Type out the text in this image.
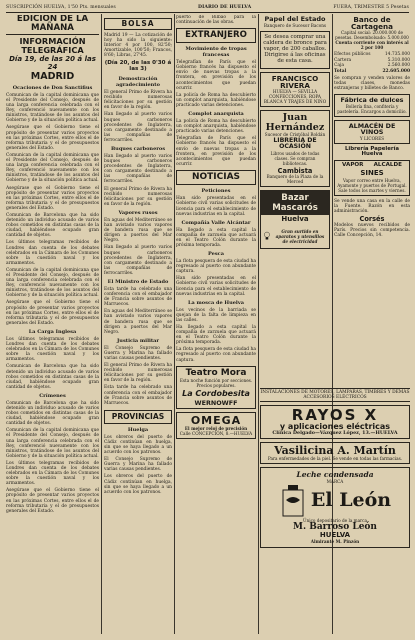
SUSCRIPCIÓN HUELVA, 1'50 Pts. mensuales	DIARIO DE HUELVA	FUERA, TRIMESTRE 5 Pesetas
EDICIÓN DE LA MAÑANA
INFORMACIÓN TELEGRÁFICA
Día 19, de las 20 á las 24
MADRID
Ocaciones de Don Sanctifius

Comunican de la capital dominicana que el Presidente del Consejo, después de una larga conferencia celebrada con el Rey, conferenció nuevamente con los ministros, tratándose de los asuntos del Gobierno y de la situación política actual.

Asegúrase que el Gobierno tiene el propósito de presentar varios proyectos en las próximas Cortes, entre ellos el de reforma tributaria y el de presupuestos generales del Estado.

Comunican de la capital dominicana que el Presidente del Consejo, después de una larga conferencia celebrada con el Rey, conferenció nuevamente con los ministros, tratándose de los asuntos del Gobierno y de la situación política actual.

Asegúrase que el Gobierno tiene el propósito de presentar varios proyectos en las próximas Cortes, entre ellos el de reforma tributaria y el de presupuestos generales del Estado.

Comunican de Barcelona que ha sido detenido un individuo acusado de varios robos cometidos en distintas casas de la ciudad, habiéndose ocupado gran cantidad de objetos.

Los últimos telegramas recibidos de Londres dan cuenta de los debates celebrados en la Cámara de los Comunes sobre la cuestión naval y los armamentos.

Comunican de la capital dominicana que el Presidente del Consejo, después de una larga conferencia celebrada con el Rey, conferenció nuevamente con los ministros, tratándose de los asuntos del Gobierno y de la situación política actual.

Asegúrase que el Gobierno tiene el propósito de presentar varios proyectos en las próximas Cortes, entre ellos el de reforma tributaria y el de presupuestos generales del Estado.

La Carga Inglesa

Los últimos telegramas recibidos de Londres dan cuenta de los debates celebrados en la Cámara de los Comunes sobre la cuestión naval y los armamentos.

Comunican de Barcelona que ha sido detenido un individuo acusado de varios robos cometidos en distintas casas de la ciudad, habiéndose ocupado gran cantidad de objetos.

Crímenes

Comunican de Barcelona que ha sido detenido un individuo acusado de varios robos cometidos en distintas casas de la ciudad, habiéndose ocupado gran cantidad de objetos.

Comunican de la capital dominicana que el Presidente del Consejo, después de una larga conferencia celebrada con el Rey, conferenció nuevamente con los ministros, tratándose de los asuntos del Gobierno y de la situación política actual.

Los últimos telegramas recibidos de Londres dan cuenta de los debates celebrados en la Cámara de los Comunes sobre la cuestión naval y los armamentos.

Asegúrase que el Gobierno tiene el propósito de presentar varios proyectos en las próximas Cortes, entre ellos el de reforma tributaria y el de presupuestos generales del Estado.

BOLSA

Madrid 19 — La cotización de hoy ha sido la siguiente: Interior 4 por 100, 82'50; Amortizable, 100'50; Francos, 8'60; Libras, 27'45.

(Día 20, de las 0'30 á las 3)
Demostración agradecimiento

El general Primo de Rivera ha recibido numerosas felicitaciones por su gestión en favor de la región.

Han llegado al puerto varios buques carboneros procedentes de Inglaterra, con cargamento destinado a las compañías de ferrocarriles.

Buques carboneros

Han llegado al puerto varios buques carboneros procedentes de Inglaterra, con cargamento destinado a las compañías de ferrocarriles.

El general Primo de Rivera ha recibido numerosas felicitaciones por su gestión en favor de la región.

Vapores rusos

En aguas del Mediterráneo se han avistado varios vapores de bandera rusa que se dirigen a puertos del Mar Negro.

Han llegado al puerto varios buques carboneros procedentes de Inglaterra, con cargamento destinado a las compañías de ferrocarriles.

El Ministro de Estado

Esta tarde ha celebrado una conferencia con el embajador de Francia sobre asuntos de Marruecos.

En aguas del Mediterráneo se han avistado varios vapores de bandera rusa que se dirigen a puertos del Mar Negro.

Justicia militar

El Consejo Supremo de Guerra y Marina ha fallado varias causas pendientes.

El general Primo de Rivera ha recibido numerosas felicitaciones por su gestión en favor de la región.

Esta tarde ha celebrado una conferencia con el embajador de Francia sobre asuntos de Marruecos.

PROVINCIAS
Huelga

Los obreros del puerto de Cádiz continúan en huelga, sin que se haya llegado a un acuerdo con los patronos.

El Consejo Supremo de Guerra y Marina ha fallado varias causas pendientes.

Los obreros del puerto de Cádiz continúan en huelga, sin que se haya llegado a un acuerdo con los patronos.

puerto de Bilbao para la continuación de las obras.

EXTRANJERO
Movimiento de tropas francesas

Telegrafían de París que el Gobierno francés ha dispuesto el envío de nuevas tropas a la frontera, en previsión de los acontecimientos que puedan ocurrir.

La policía de Roma ha descubierto un complot anarquista, habiéndose practicado varias detenciones.

Complot anarquista

La policía de Roma ha descubierto un complot anarquista, habiéndose practicado varias detenciones.

Telegrafían de París que el Gobierno francés ha dispuesto el envío de nuevas tropas a la frontera, en previsión de los acontecimientos que puedan ocurrir.

NOTICIAS
Peticiones

Han sido presentadas en el Gobierno civil varias solicitudes de licencia para el establecimiento de nuevas industrias en la capital.

Compañía Valle Alcántar

Ha llegado a esta capital la compañía de zarzuela que actuará en el Teatro Colón durante la próxima temporada.

Pesca

La flota pesquera de esta ciudad ha regresado al puerto con abundante captura.

Han sido presentadas en el Gobierno civil varias solicitudes de licencia para el establecimiento de nuevas industrias en la capital.

La mosca de Huelva

Los vecinos de la barriada se quejan de la falta de limpieza en las calles.

Ha llegado a esta capital la compañía de zarzuela que actuará en el Teatro Colón durante la próxima temporada.

La flota pesquera de esta ciudad ha regresado al puerto con abundante captura.

Teatro Mora
Esta noche función por secciones. Precios populares.
La Cordobesita
WERNOWFF
OMEGA
El mejor reloj de precisión
Calle CONCEPCIÓN, 8.—HUELVA
Papel del Estado
Banquero de Sucesor Bacons

Se desea comprar una caldera de bronce para vapor, de 200 caballos. Dirigirse á las oficinas de esta casa.

FRANCISCO RIVERA
HUELVA — SEVILLA
CONFECCIONES, ROPA BLANCA Y TRAJES DE NIÑO
Juan Hernández
Sucesor de Cristóbal Roldán
LIBRERÍA DE OCASIÓN
Libros usados de todas clases. Se compran bibliotecas.
Cambista
Banquero de la Plaza de la Merced
Bazar Mascarós
Huelva
Gran surtido en aparatos y utensilios de electricidad
Banco de Cartagena
Capital social: 20.000.000 de pesetas. Desembolsado: 5.000.000
Cuenta corriente con interés al 2 por 100
Efectos públicos	14.735.000
Cartera	5.310.000
Caja	2.560.000
Total	22.605.000

Se compran y venden valores de todas clases, monedas extranjeras y billetes de Banco.

Fábrica de dulces
Bollería fina, confitería y pastelería. Encargos a domicilio.
ALMACÉN DE VINOS
Y LICORES
Librería Papelería Huelva
VAPOR ALCALDE
SINES
Vapor correo entre Huelva, Ayamonte y puertos de Portugal. Sale todos los martes y viernes.

Se vende una casa en la calle de la Fuente. Razón en esta administración.

Corsés

Modelos nuevos recibidos de París. Precios sin competencia. Calle Concepción, 14.

INSTALACIONES DE MOTORES, LÁMPARAS, TIMBRES Y DEMÁS ACCESORIOS ELÉCTRICOS
RAYOS X
y aplicaciones eléctricas
Clínica Delgado—Vázquez López, 13.—HUELVA
Vasilicina A. Martín
Para enfermedades de la piel. Se vende en todas las farmacias.
Leche condensada
MARCA
El León
Único depositario de la marca
M. Barroso León
HUELVA
Almirante M. Pinzón
